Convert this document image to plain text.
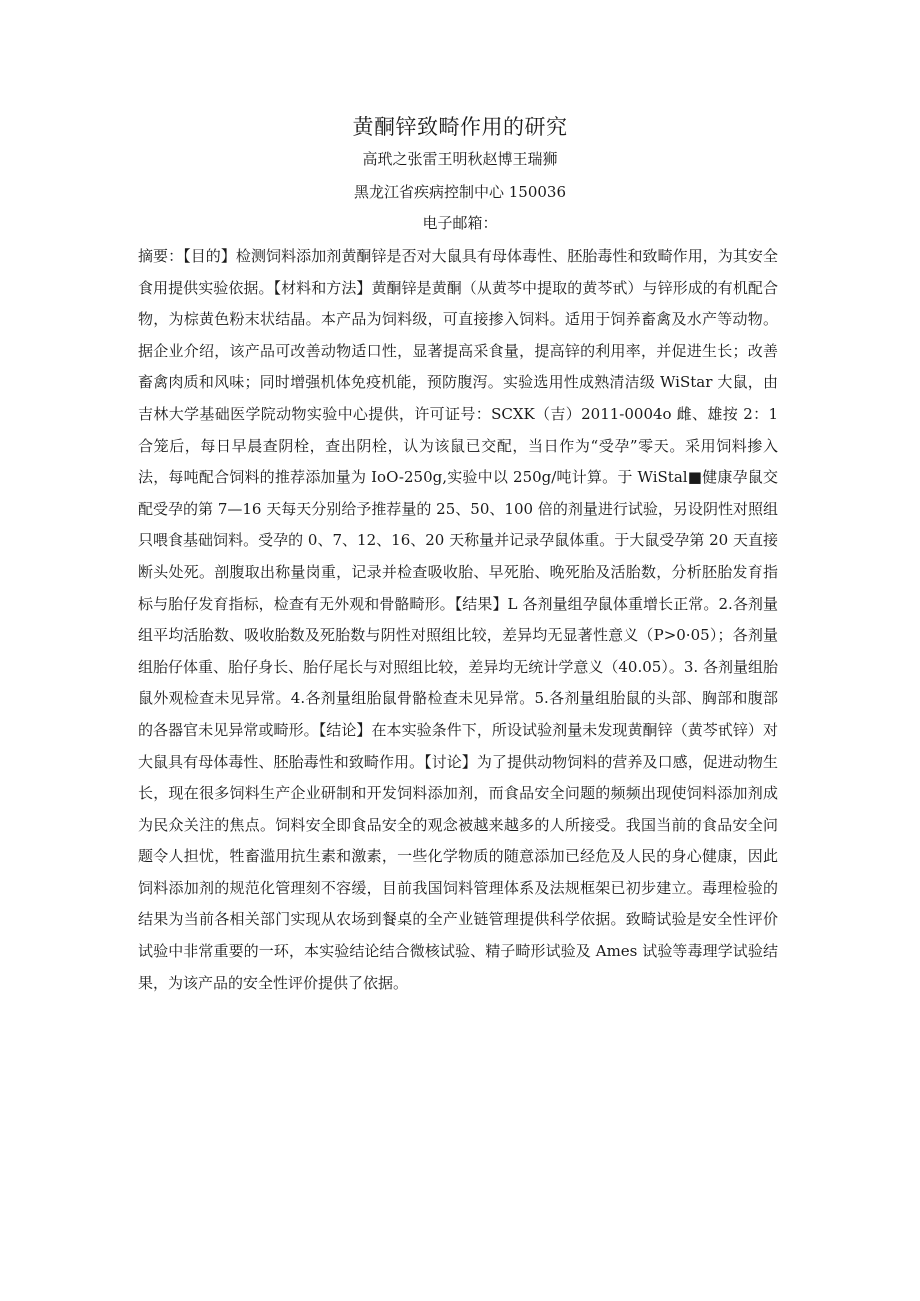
黄酮锌致畸作用的研究
高玳之张雷王明秋赵博王瑞狮
黑龙江省疾病控制中心 150036
电子邮箱：

摘要：【目的】检测饲料添加剂黄酮锌是否对大鼠具有母体毒性、胚胎毒性和致畸作用，为其安全食用提供实验依据。【材料和方法】黄酮锌是黄酮（从黄芩中提取的黄芩甙）与锌形成的有机配合物，为棕黄色粉末状结晶。本产品为饲料级，可直接掺入饲料。适用于饲养畜禽及水产等动物。据企业介绍，该产品可改善动物适口性，显著提高采食量，提高锌的利用率，并促进生长；改善畜禽肉质和风味；同时增强机体免疫机能，预防腹泻。实验选用性成熟清洁级 WiStar 大鼠，由吉林大学基础医学院动物实验中心提供，许可证号：SCXK（吉）2011-0004o 雌、雄按 2：1 合笼后，每日早晨查阴栓，查出阴栓，认为该鼠已交配，当日作为“受孕”零天。采用饲料掺入法，每吨配合饲料的推荐添加量为 IoO-250g,实验中以 250g∕吨计算。于 WiStal■健康孕鼠交配受孕的第 7—16 天每天分别给予推荐量的 25、50、100 倍的剂量进行试验，另设阴性对照组只喂食基础饲料。受孕的 0、7、12、16、20 天称量并记录孕鼠体重。于大鼠受孕第 20 天直接断头处死。剖腹取出称量岗重，记录并检查吸收胎、早死胎、晚死胎及活胎数，分析胚胎发育指标与胎仔发育指标，检查有无外观和骨骼畸形。【结果】L 各剂量组孕鼠体重增长正常。2.各剂量组平均活胎数、吸收胎数及死胎数与阴性对照组比较，差异均无显著性意义（P>0·05）；各剂量组胎仔体重、胎仔身长、胎仔尾长与对照组比较，差异均无统计学意义（40.05）。3. 各剂量组胎鼠外观检查未见异常。4.各剂量组胎鼠骨骼检查未见异常。5.各剂量组胎鼠的头部、胸部和腹部的各器官未见异常或畸形。【结论】在本实验条件下，所设试验剂量未发现黄酮锌（黄芩甙锌）对大鼠具有母体毒性、胚胎毒性和致畸作用。【讨论】为了提供动物饲料的营养及口感，促进动物生长，现在很多饲料生产企业研制和开发饲料添加剂，而食品安全问题的频频出现使饲料添加剂成为民众关注的焦点。饲料安全即食品安全的观念被越来越多的人所接受。我国当前的食品安全问题令人担忧，牲畜滥用抗生素和激素，一些化学物质的随意添加已经危及人民的身心健康，因此饲料添加剂的规范化管理刻不容缓，目前我国饲料管理体系及法规框架已初步建立。毒理检验的结果为当前各相关部门实现从农场到餐桌的全产业链管理提供科学依据。致畸试验是安全性评价试验中非常重要的一环，本实验结论结合微核试验、精子畸形试验及 Ames 试验等毒理学试验结果，为该产品的安全性评价提供了依据。
